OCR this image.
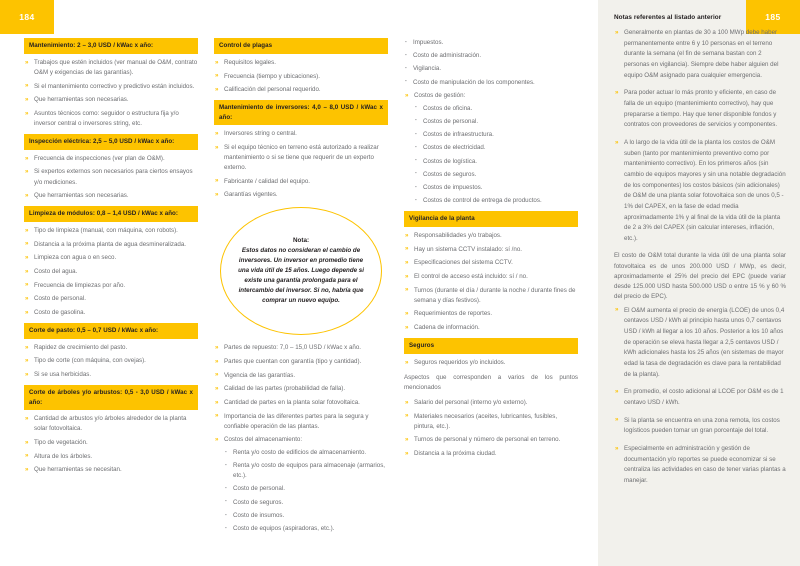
184
Mantenimiento: 2 – 3,0 USD / kWac x año:
» Trabajos que estén incluidos (ver manual de O&M, contrato O&M y exigencias de las garantías).
» Si el mantenimiento correctivo y predictivo están incluidos.
» Que herramientas son necesarias.
» Asuntos técnicos como: seguidor o estructura fija y/o inversor central o inversores string, etc.
Inspección eléctrica: 2,5 – 5,0 USD / kWac x año:
» Frecuencia de inspecciones (ver plan de O&M).
» Si expertos externos son necesarios para ciertos ensayos y/o mediciones.
» Que herramientas son necesarias.
Limpieza de módulos: 0,8 – 1,4 USD / kWac x año:
» Tipo de limpieza (manual, con máquina, con robots).
» Distancia a la próxima planta de agua desmineralizada.
» Limpieza con agua o en seco.
» Costo del agua.
» Frecuencia de limpiezas por año.
» Costo de personal.
» Costo de gasolina.
Corte de pasto: 0,5 – 0,7 USD / kWac x año:
» Rapidez de crecimiento del pasto.
» Tipo de corte (con máquina, con ovejas).
» Si se usa herbicidas.
Corte de árboles y/o arbustos: 0,5 - 3,0 USD / kWac x año:
» Cantidad de arbustos y/o árboles alrededor de la planta solar fotovoltaica.
» Tipo de vegetación.
» Altura de los árboles.
» Que herramientas se necesitan.
Control de plagas
» Requisitos legales.
» Frecuencia (tiempo y ubicaciones).
» Calificación del personal requerido.
Mantenimiento de inversores: 4,0 – 8,0 USD / kWac x año:
» Inversores string o central.
» Si el equipo técnico en terreno está autorizado a realizar mantenimiento o si se tiene que requerir de un experto externo.
» Fabricante / calidad del equipo.
» Garantías vigentes.
Nota:
Estos datos no consideran el cambio de inversores. Un inversor en promedio tiene una vida útil de 15 años. Luego depende si existe una garantía prolongada para el intercambio del inversor. Si no, habría que comprar un nuevo equipo.
» Partes de repuesto: 7,0 – 15,0 USD / kWac x año.
» Partes que cuentan con garantía (tipo y cantidad).
» Vigencia de las garantías.
» Calidad de las partes (probabilidad de falla).
» Cantidad de partes en la planta solar fotovoltaica.
» Importancia de las diferentes partes para la segura y confiable operación de las plantas.
» Costos del almacenamiento:
▪ Renta y/o costo de edificios de almacenamiento.
▪ Renta y/o costo de equipos para almacenaje (armarios, etc.).
▪ Costo de personal.
▪ Costo de seguros.
▪ Costo de insumos.
▪ Costo de equipos (aspiradoras, etc.).
▪ Impuestos.
▪ Costo de administración.
▪ Vigilancia.
▪ Costo de manipulación de los componentes.
» Costos de gestión:
▪ Costos de oficina.
▪ Costos de personal.
▪ Costos de infraestructura.
▪ Costos de electricidad.
▪ Costos de logística.
▪ Costos de seguros.
▪ Costos de impuestos.
▪ Costos de control de entrega de productos.
Vigilancia de la planta
» Responsabilidades y/o trabajos.
» Hay un sistema CCTV instalado: sí /no.
» Especificaciones del sistema CCTV.
» El control de acceso está incluido: sí / no.
» Turnos (durante el día / durante la noche / durante fines de semana y días festivos).
» Requerimientos de reportes.
» Cadena de información.
Seguros
» Seguros requeridos y/o incluidos.

Aspectos que corresponden a varios de los puntos mencionados

» Salario del personal (interno y/o externo).
» Materiales necesarios (aceites, lubricantes, fusibles, pintura, etc.).
» Turnos de personal y número de personal en terreno.
» Distancia a la próxima ciudad.
185
Notas referentes al listado anterior
» Generalmente en plantas de 30 a 100 MWp debe haber permanentemente entre 6 y 10 personas en el terreno durante la semana (el fin de semana bastan con 2 personas en vigilancia). Siempre debe haber alguien del equipo O&M asignado para cualquier emergencia.
» Para poder actuar lo más pronto y eficiente, en caso de falla de un equipo (mantenimiento correctivo), hay que prepararse a tiempo. Hay que tener disponible fondos y contratos con proveedores de servicios y componentes.
» A lo largo de la vida útil de la planta los costos de O&M suben (tanto por mantenimiento preventivo como por mantenimiento correctivo). En los primeros años (sin cambio de equipos mayores y sin una notable degradación de los componentes) los costos básicos (sin adicionales) de O&M de una planta solar fotovoltaica son de unos 0,5 - 1% del CAPEX, en la fase de edad media aproximadamente 1% y al final de la vida útil de la planta de 2 a 3% del CAPEX (sin calcular intereses, inflación, etc.).

El costo de O&M total durante la vida útil de una planta solar fotovoltaica es de unos 200.000 USD / MWp, es decir, aproximadamente el 25% del precio del EPC (puede variar desde 125.000 USD hasta 500.000 USD o entre 15 % y 60 % del precio de EPC).

» El O&M aumenta el precio de energía (LCOE) de unos 0,4 centavos USD / kWh al principio hasta unos 0,7 centavos USD / kWh al llegar a los 10 años. Posterior a los 10 años de operación se eleva hasta llegar a 2,5 centavos USD / kWh adicionales hasta los 25 años (en sistemas de mayor edad la tasa de degradación es clave para la rentabilidad de la planta).
» En promedio, el costo adicional al LCOE por O&M es de 1 centavo USD / kWh.
» Si la planta se encuentra en una zona remota, los costos logísticos pueden tomar un gran porcentaje del total.
» Especialmente en administración y gestión de documentación y/o reportes se puede economizar si se centraliza las actividades en caso de tener varias plantas a manejar.
